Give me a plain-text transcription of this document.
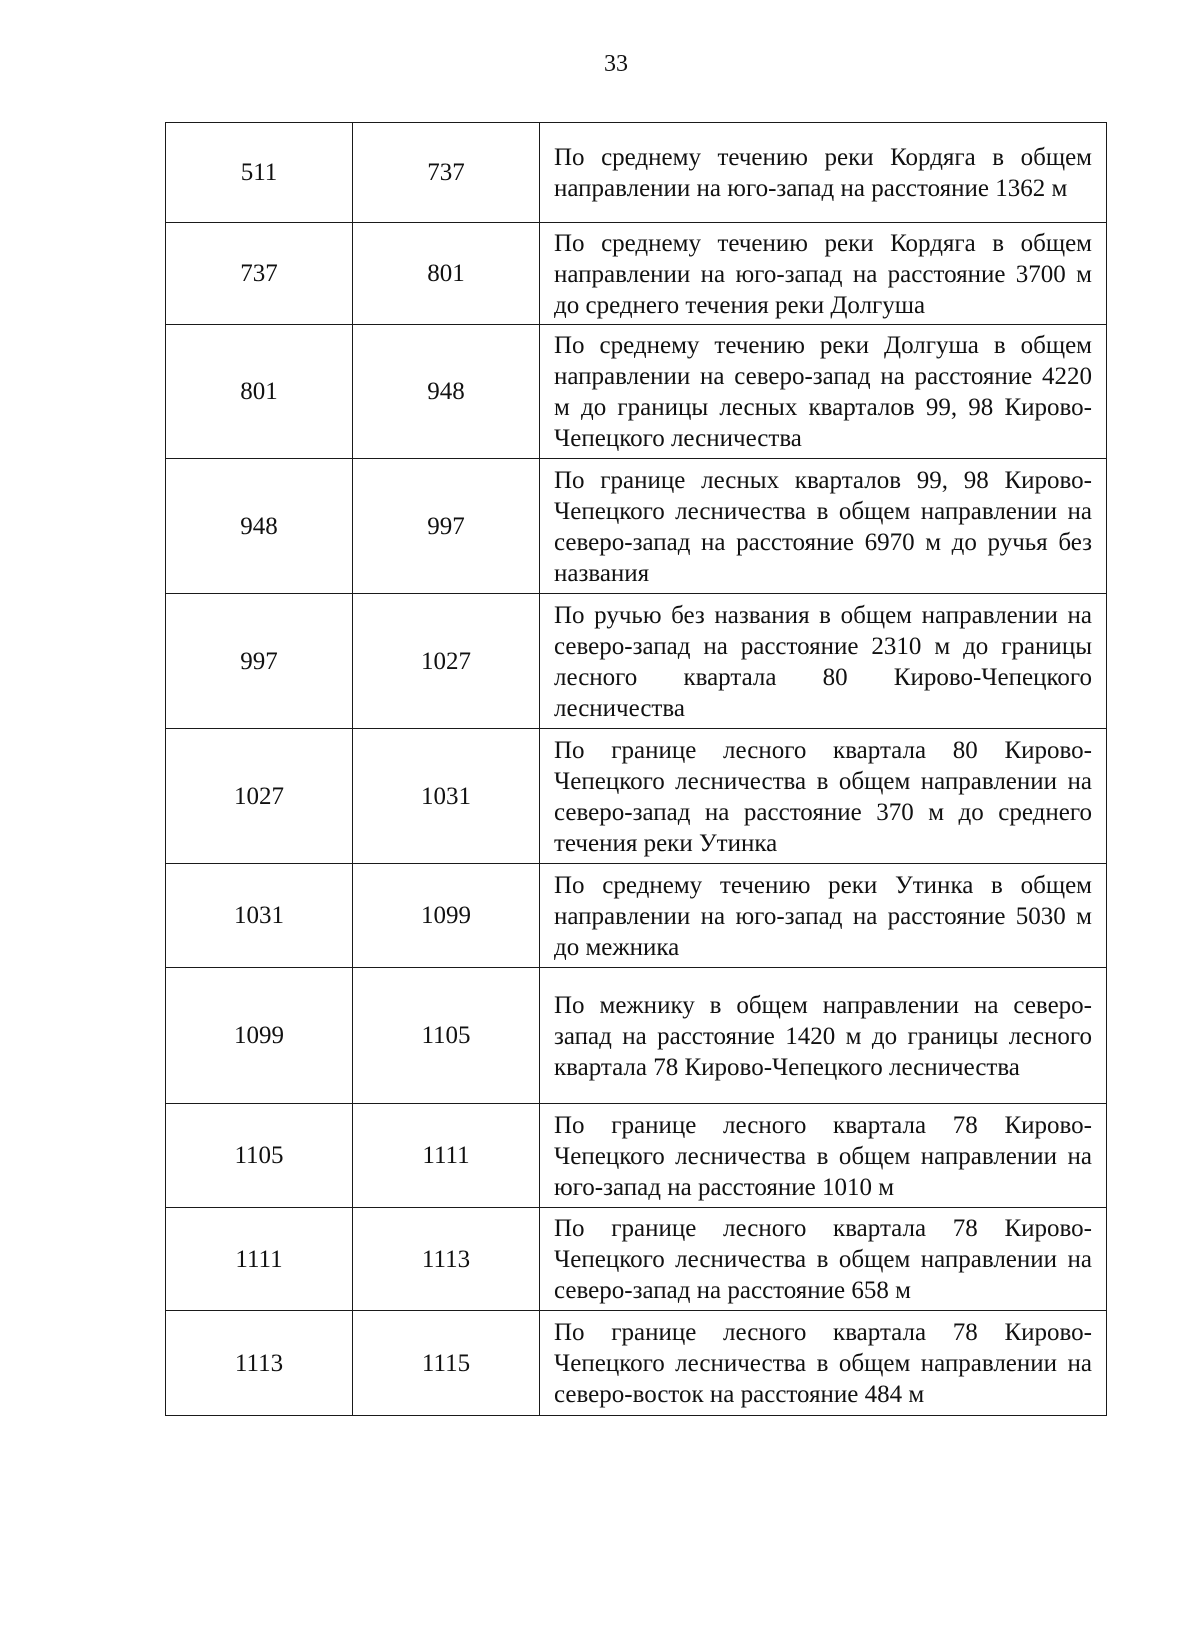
33
511	737	По среднему течению реки Кордяга в общем направлении на юго-запад на расстояние 1362 м
737	801	По среднему течению реки Кордяга в общем направлении на юго-запад на расстояние 3700 м до среднего течения реки Долгуша
801	948	По среднему течению реки Долгуша в общем направлении на северо-запад на расстояние 4220 м до границы лесных кварталов 99, 98 Кирово-Чепецкого лесничества
948	997	По границе лесных кварталов 99, 98 Кирово-Чепецкого лесничества в общем направлении на северо-запад на расстояние 6970 м до ручья без названия
997	1027	По ручью без названия в общем направлении на северо-запад на расстояние 2310 м до границы лесного квартала 80 Кирово-Чепецкого лесничества
1027	1031	По границе лесного квартала 80 Кирово-Чепецкого лесничества в общем направлении на северо-запад на расстояние 370 м до среднего течения реки Утинка
1031	1099	По среднему течению реки Утинка в общем направлении на юго-запад на расстояние 5030 м до межника
1099	1105	По межнику в общем направлении на северо-запад на расстояние 1420 м до границы лесного квартала 78 Кирово-Чепецкого лесничества
1105	1111	По границе лесного квартала 78 Кирово-Чепецкого лесничества в общем направлении на юго-запад на расстояние 1010 м
1111	1113	По границе лесного квартала 78 Кирово-Чепецкого лесничества в общем направлении на северо-запад на расстояние 658 м
1113	1115	По границе лесного квартала 78 Кирово-Чепецкого лесничества в общем направлении на северо-восток на расстояние 484 м
